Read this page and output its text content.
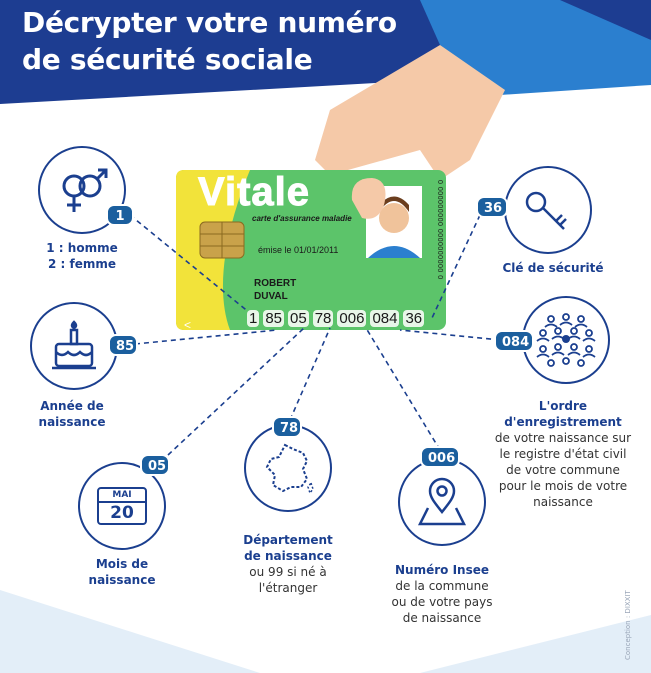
Décrypter votre numéro
de sécurité sociale
Vitale
carte d'assurance maladie
émise le 01/01/2011
ROBERT
DUVAL
0 000000000 0000000000 0
<	1 85 05 78 006 084 36
1
1 : homme
2 : femme
85
Année de
naissance
MAI
20
05
Mois de
naissance
78
Département
de naissance
ou 99 si né à
l'étranger
006
Numéro Insee
de la commune
ou de votre pays
de naissance
084
L'ordre
d'enregistrement
de votre naissance sur
le registre d'état civil
de votre commune
pour le mois de votre
naissance
36
Clé de sécurité
Conception : DIXXIT
